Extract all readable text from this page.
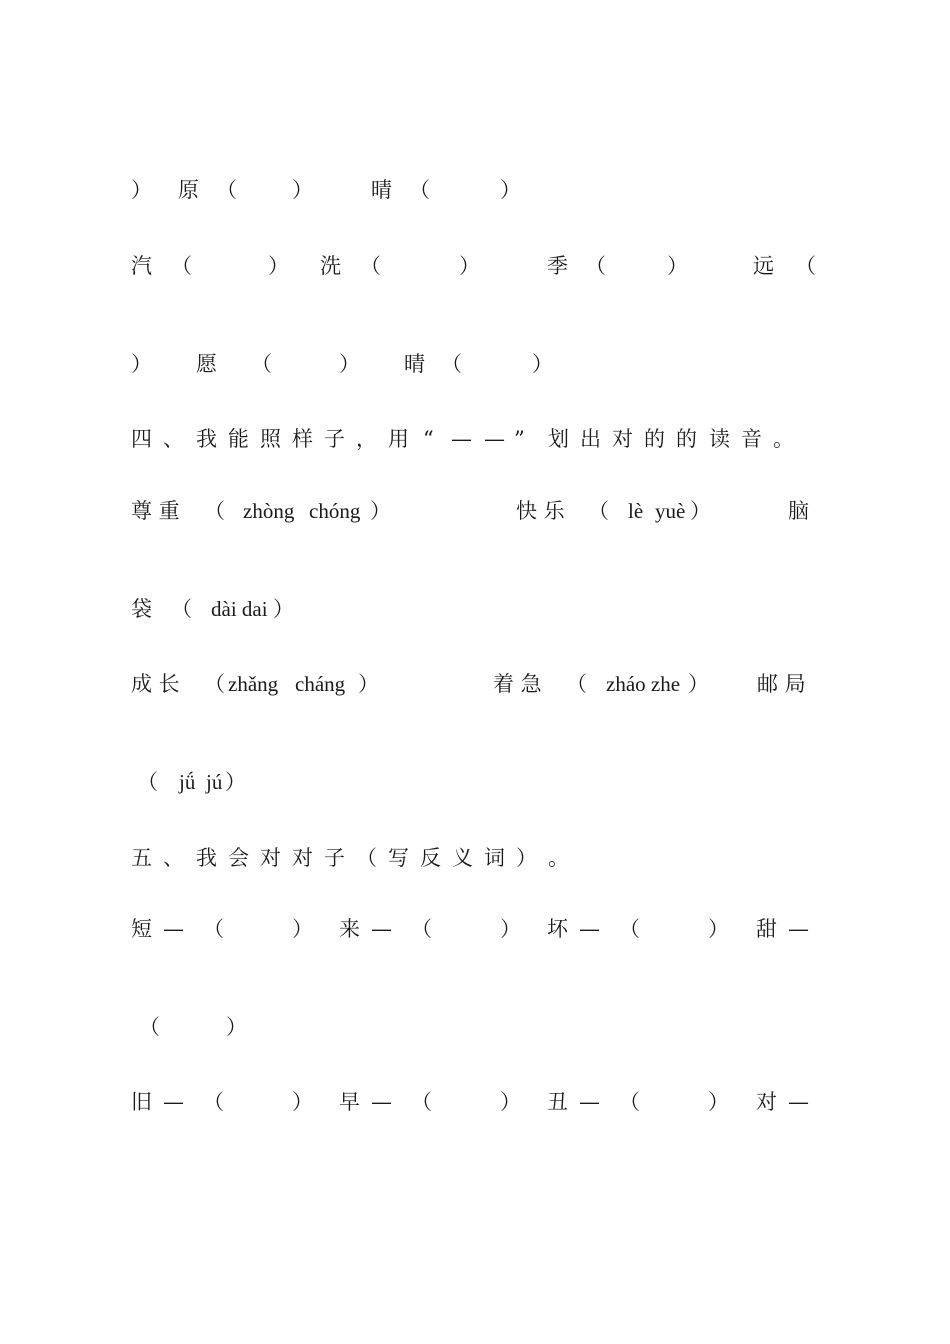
） 原 （	）	晴 （	）
汽 （	） 洗 （	）	季 （	）	远 （
） 愿 （	） 晴 （	）
四 、 我 能 照 样 子 ， 用 “ — — ” 划 出 对 的 的 读 音 。
尊 重 （ zhòng chóng ）	快 乐 （ lè yuè ）	脑
袋 （ dài dai ）
成 长 （ zhǎng cháng ）	着 急 （ zháo zhe ） 邮 局
（ jǘ jú ）
五 、 我 会 对 对 子 （ 写 反 义 词 ） 。
短 — （	） 来 — （	） 坏 — （	） 甜 —
（	）
旧 — （	） 早 — （	） 丑 — （	） 对 —
